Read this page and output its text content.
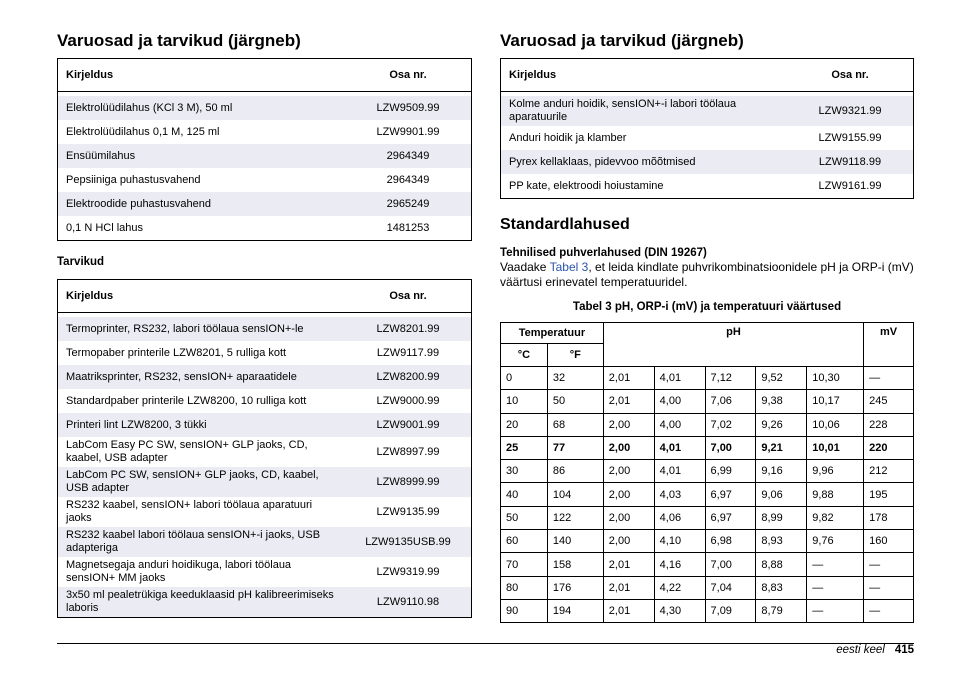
Varuosad ja tarvikud (järgneb)
Kirjeldus	Osa nr.

Elektrolüüdilahus (KCl 3 M), 50 ml	LZW9509.99
Elektrolüüdilahus 0,1 M, 125 ml	LZW9901.99
Ensüümilahus	2964349
Pepsiiniga puhastusvahend	2964349
Elektroodide puhastusvahend	2965249
0,1 N HCl lahus	1481253

Tarvikud

Kirjeldus	Osa nr.

Termoprinter, RS232, labori töölaua sensION+-le	LZW8201.99
Termopaber printerile LZW8201, 5 rulliga kott	LZW9117.99
Maatriksprinter, RS232, sensION+ aparaatidele	LZW8200.99
Standardpaber printerile LZW8200, 10 rulliga kott	LZW9000.99
Printeri lint LZW8200, 3 tükki	LZW9001.99
LabCom Easy PC SW, sensION+ GLP jaoks, CD, kaabel, USB adapter	LZW8997.99
LabCom PC SW, sensION+ GLP jaoks, CD, kaabel, USB adapter	LZW8999.99
RS232 kaabel, sensION+ labori töölaua aparatuuri jaoks	LZW9135.99
RS232 kaabel labori töölaua sensION+-i jaoks, USB adapteriga	LZW9135USB.99
Magnetsegaja anduri hoidikuga, labori töölaua sensION+ MM jaoks	LZW9319.99
3x50 ml pealetrükiga keeduklaasid pH kalibreerimiseks laboris	LZW9110.98
Varuosad ja tarvikud (järgneb)
Kirjeldus	Osa nr.

Kolme anduri hoidik, sensION+-i labori töölaua aparatuurile	LZW9321.99
Anduri hoidik ja klamber	LZW9155.99
Pyrex kellaklaas, pidevvoo mõõtmised	LZW9118.99
PP kate, elektroodi hoiustamine	LZW9161.99
Standardlahused

Tehnilised puhverlahused (DIN 19267)

Vaadake Tabel 3, et leida kindlate puhvrikombinatsioonidele pH ja ORP-i (mV) väärtusi erinevatel temperatuuridel.

Tabel 3 pH, ORP-i (mV) ja temperatuuri väärtused

Temperatuur		pH					mV
°C	°F						
0	32	2,01	4,01	7,12	9,52	10,30	—
10	50	2,01	4,00	7,06	9,38	10,17	245
20	68	2,00	4,00	7,02	9,26	10,06	228
25	77	2,00	4,01	7,00	9,21	10,01	220
30	86	2,00	4,01	6,99	9,16	9,96	212
40	104	2,00	4,03	6,97	9,06	9,88	195
50	122	2,00	4,06	6,97	8,99	9,82	178
60	140	2,00	4,10	6,98	8,93	9,76	160
70	158	2,01	4,16	7,00	8,88	—	—
80	176	2,01	4,22	7,04	8,83	—	—
90	194	2,01	4,30	7,09	8,79	—	—
eesti keel 415
